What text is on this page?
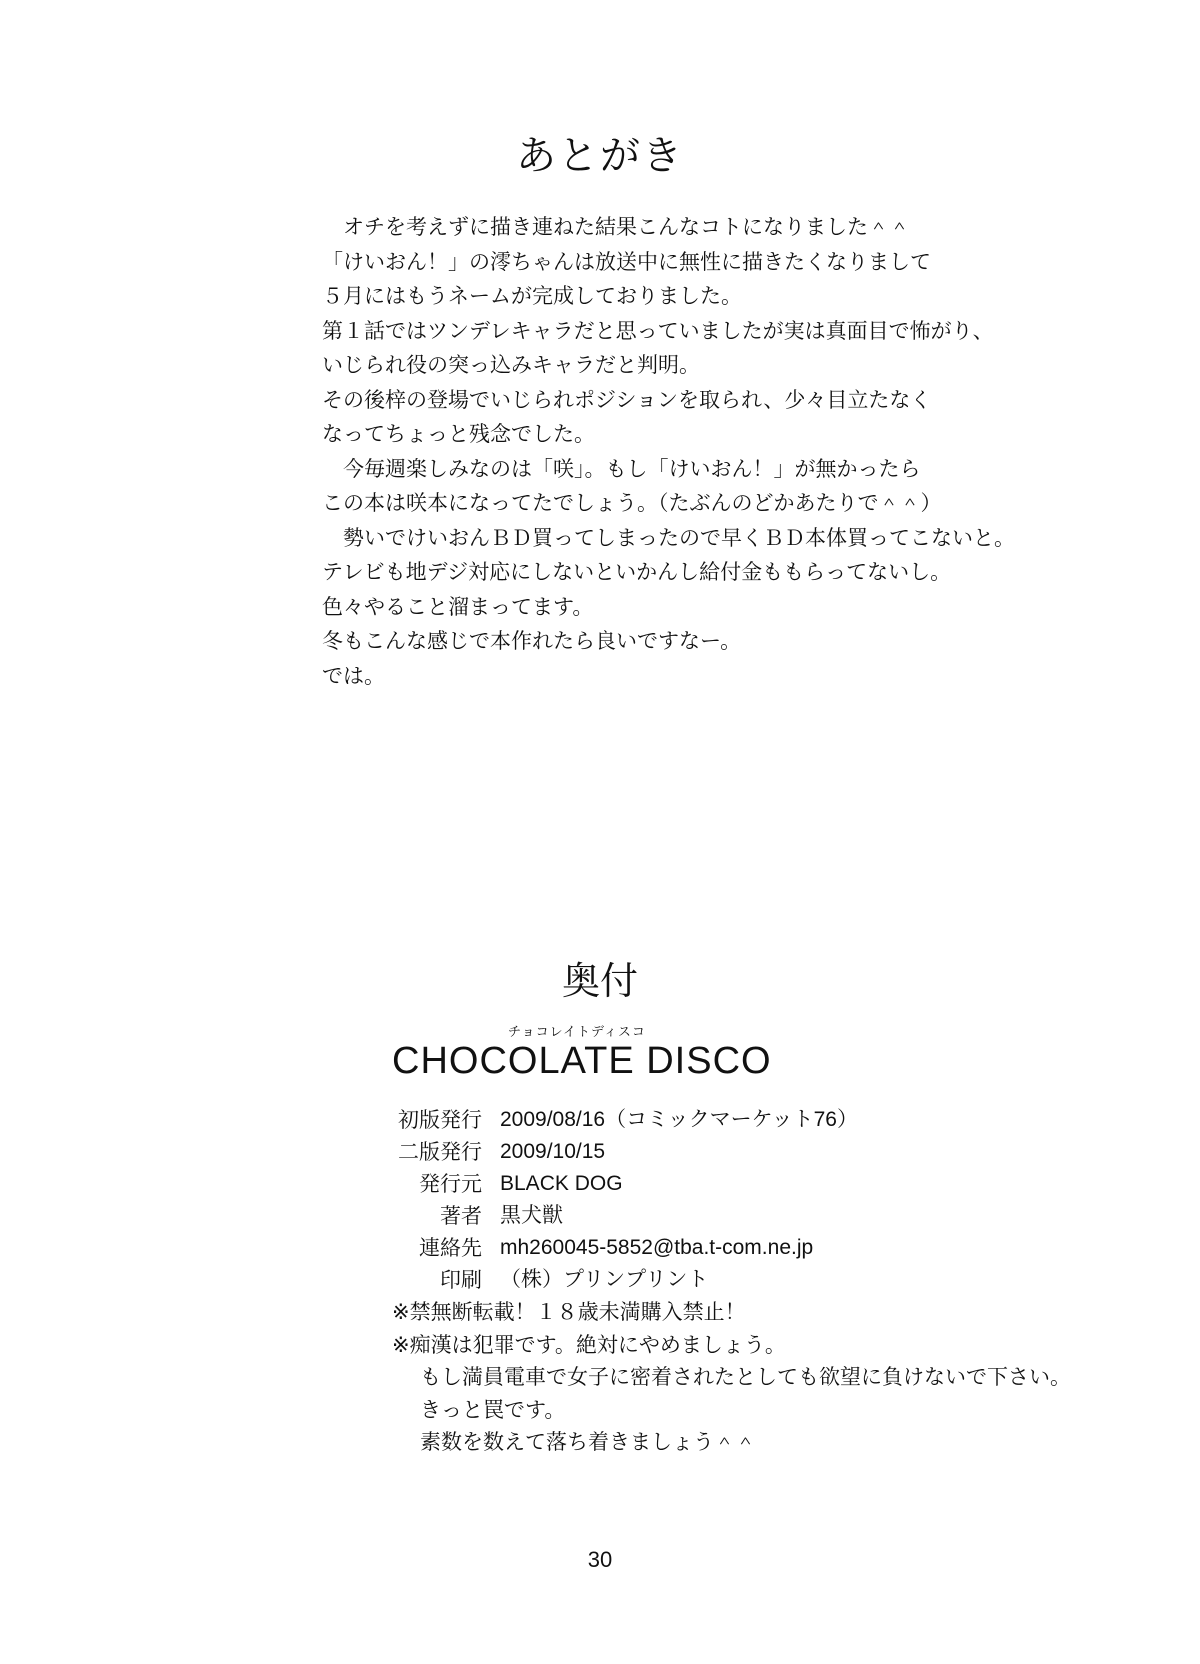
あとがき
　オチを考えずに描き連ねた結果こんなコトになりました＾＾
「けいおん！」の澪ちゃんは放送中に無性に描きたくなりまして
５月にはもうネームが完成しておりました。
第１話ではツンデレキャラだと思っていましたが実は真面目で怖がり、
いじられ役の突っ込みキャラだと判明。
その後梓の登場でいじられポジションを取られ、少々目立たなく
なってちょっと残念でした。
　今毎週楽しみなのは「咲」。もし「けいおん！」が無かったら
この本は咲本になってたでしょう。（たぶんのどかあたりで＾＾）
　勢いでけいおんＢＤ買ってしまったので早くＢＤ本体買ってこないと。
テレビも地デジ対応にしないといかんし給付金ももらってないし。
色々やること溜まってます。
冬もこんな感じで本作れたら良いですなー。
では。
奥付
チョコレイトディスコ
CHOCOLATE DISCO
初版発行 2009/08/16（コミックマーケット76）
二版発行 2009/10/15
発行元 BLACK DOG
著者 黒犬獣
連絡先 mh260045-5852@tba.t-com.ne.jp
印刷 （株）プリンプリント
※禁無断転載！１８歳未満購入禁止！
※痴漢は犯罪です。絶対にやめましょう。
もし満員電車で女子に密着されたとしても欲望に負けないで下さい。
きっと罠です。
素数を数えて落ち着きましょう＾＾
30
